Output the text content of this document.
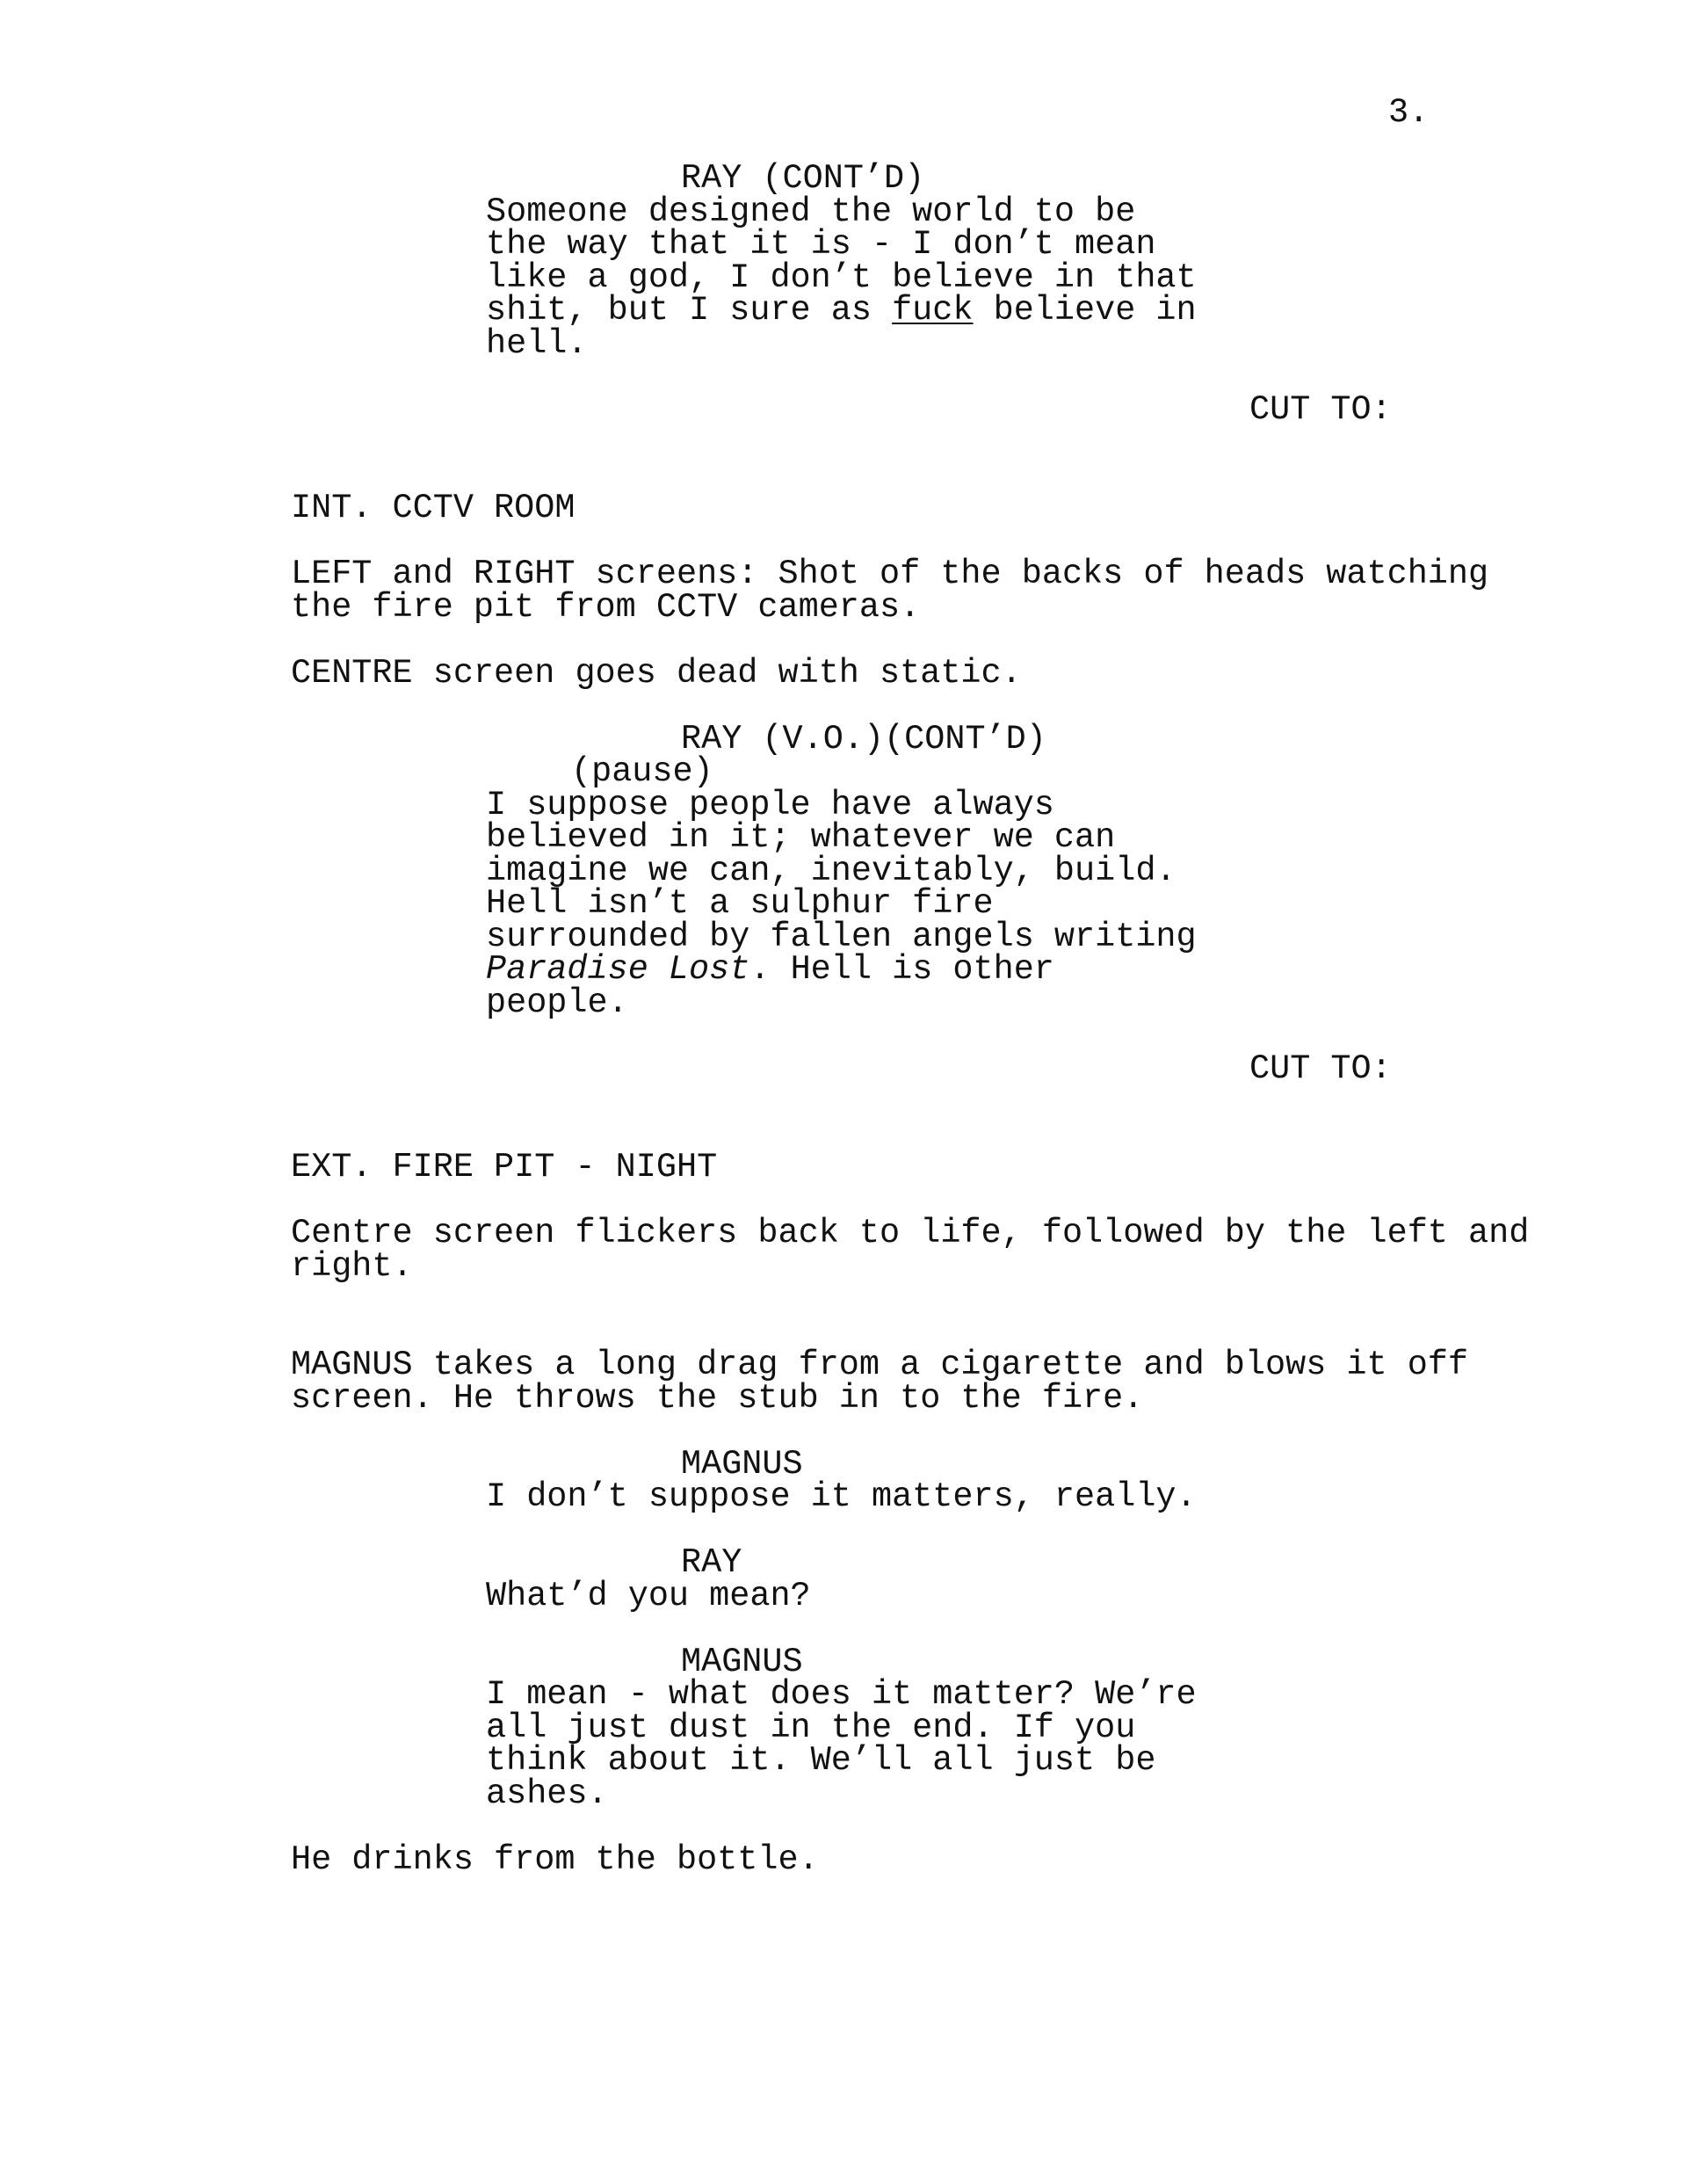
3.
RAY (CONT’D)
Someone designed the world to be
the way that it is - I don’t mean
like a god, I don’t believe in that
shit, but I sure as fuck believe in
hell.
CUT TO:
INT. CCTV ROOM
LEFT and RIGHT screens: Shot of the backs of heads watching
the fire pit from CCTV cameras.
CENTRE screen goes dead with static.
RAY (V.O.)(CONT’D)
(pause)
I suppose people have always
believed in it; whatever we can
imagine we can, inevitably, build.
Hell isn’t a sulphur fire
surrounded by fallen angels writing
Paradise Lost. Hell is other
people.
CUT TO:
EXT. FIRE PIT - NIGHT
Centre screen flickers back to life, followed by the left and
right.
MAGNUS takes a long drag from a cigarette and blows it off
screen. He throws the stub in to the fire.
MAGNUS
I don’t suppose it matters, really.
RAY
What’d you mean?
MAGNUS
I mean - what does it matter? We’re
all just dust in the end. If you
think about it. We’ll all just be
ashes.
He drinks from the bottle.
